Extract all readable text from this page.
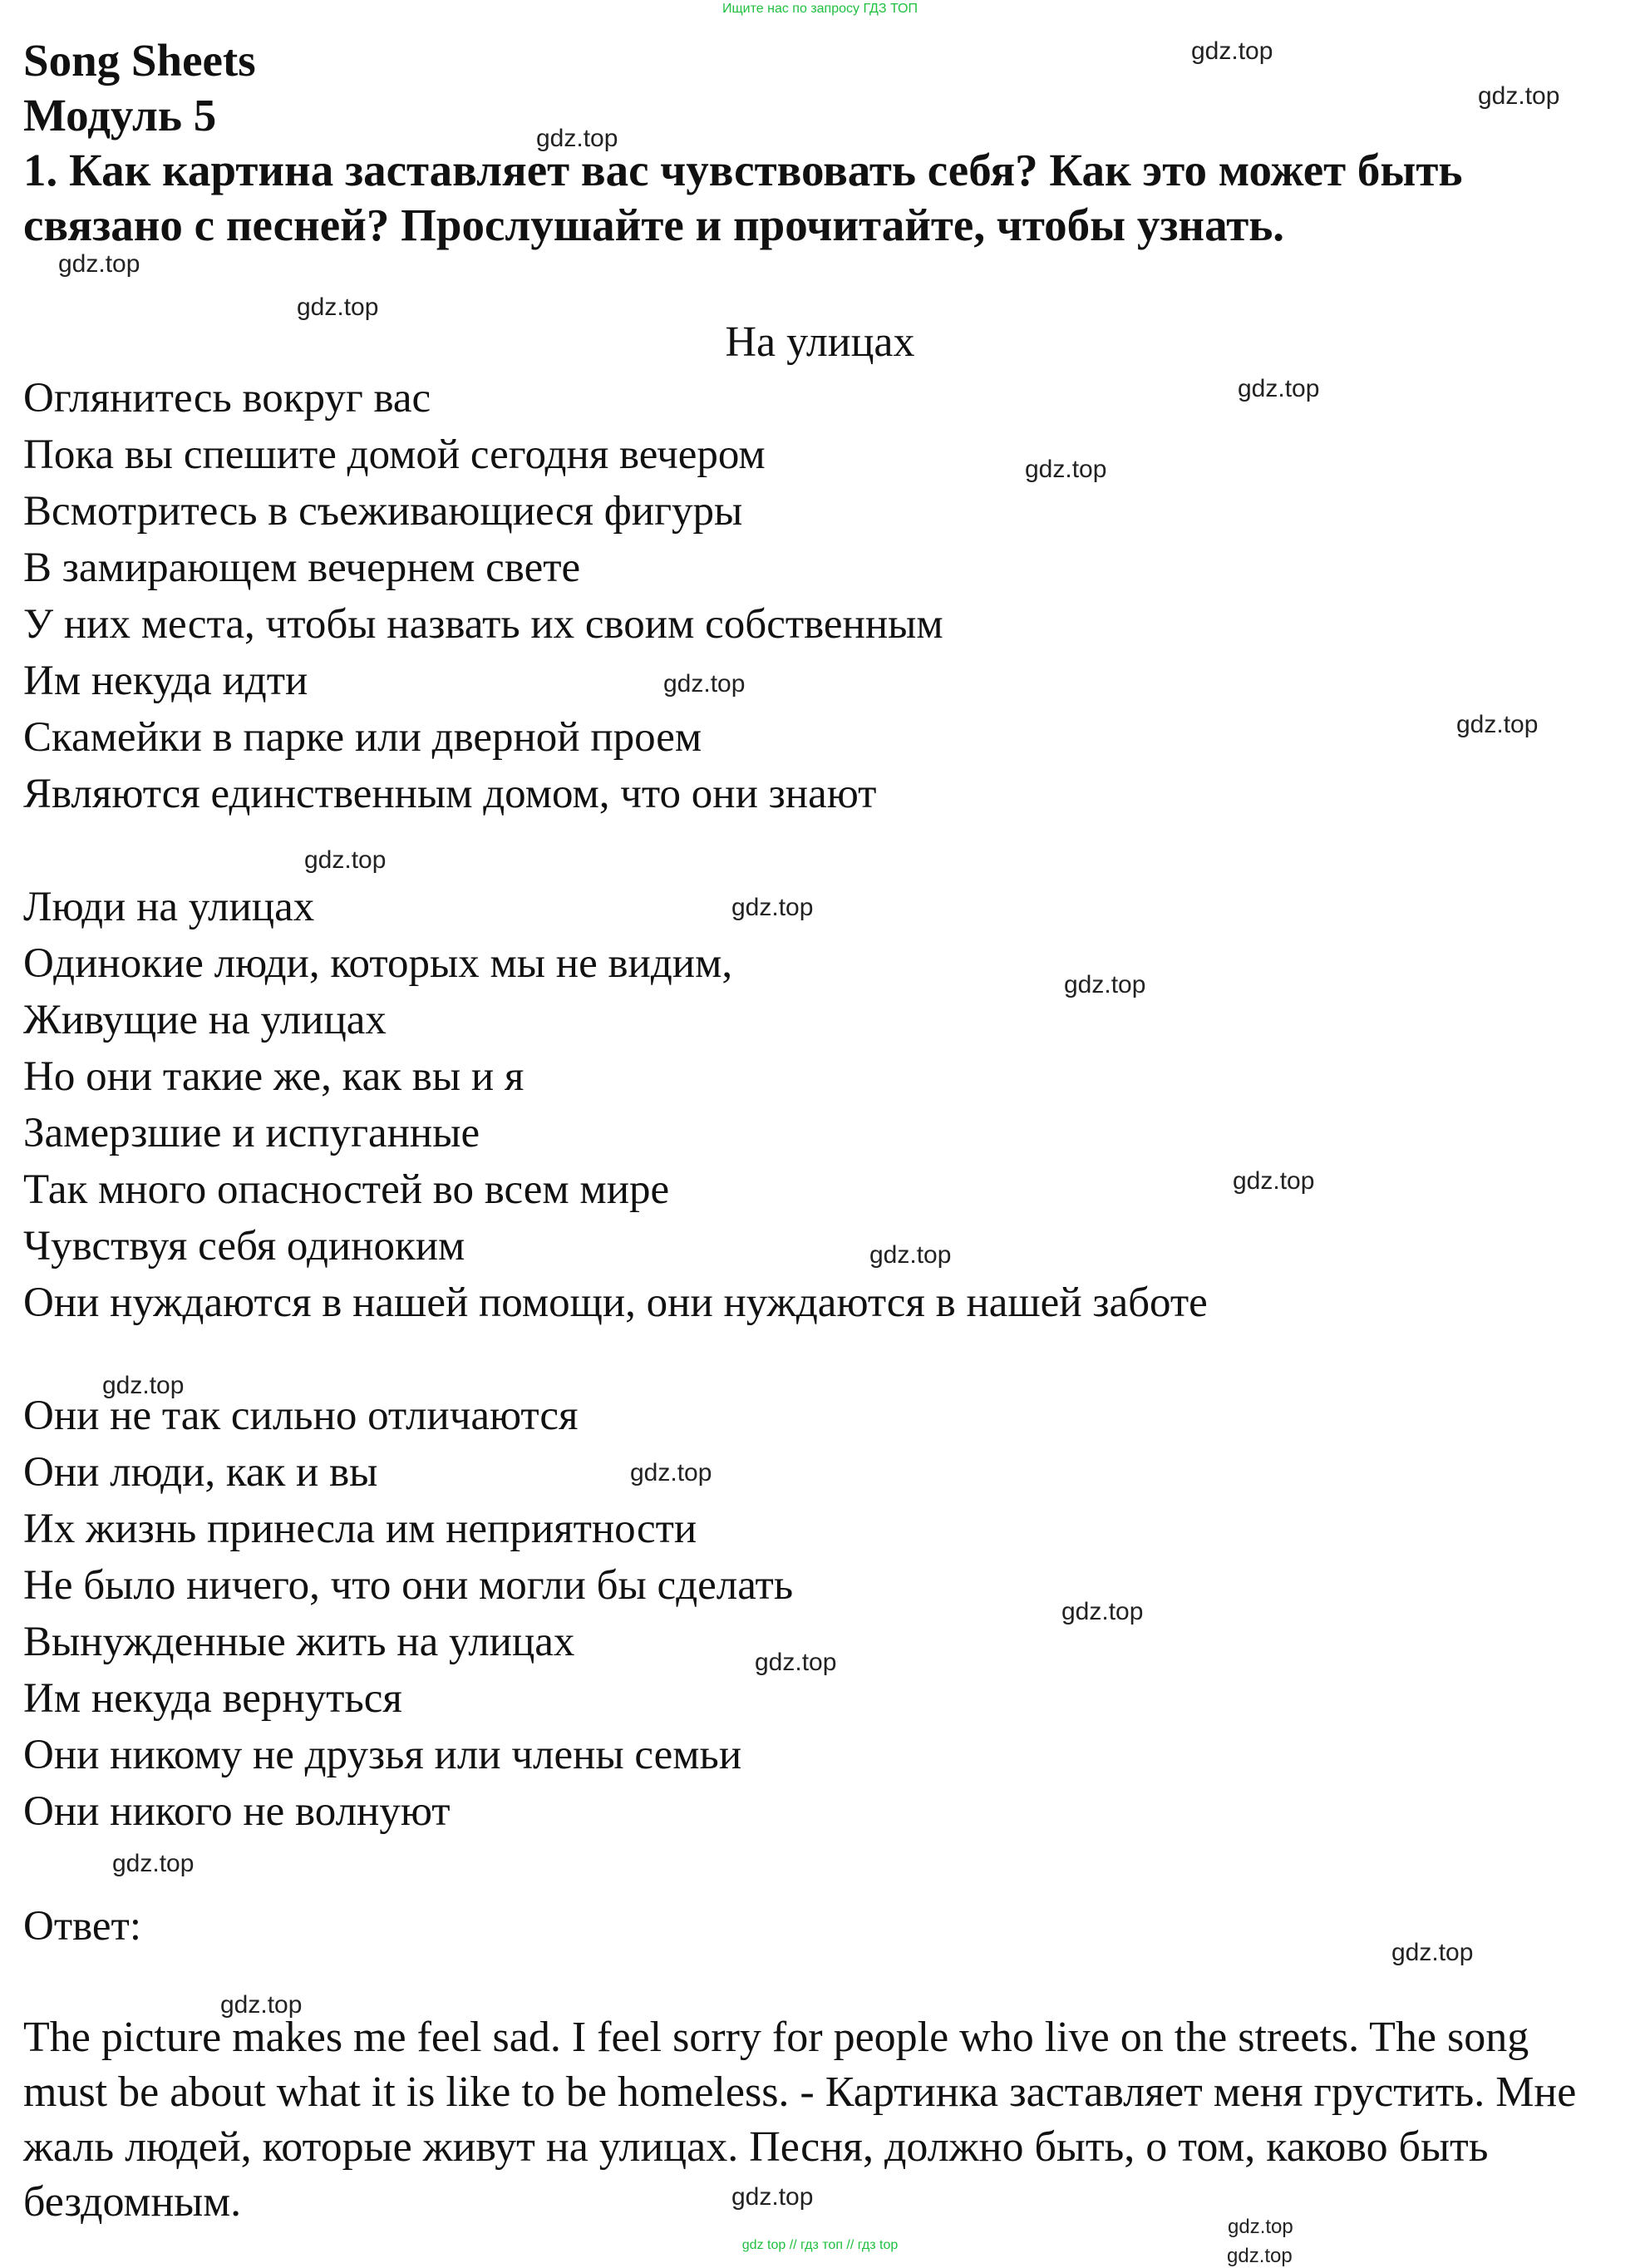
Ищите нас по запросу ГДЗ ТОП
Song Sheets
Модуль 5
1. Как картина заставляет вас чувствовать себя? Как это может быть связано с песней? Прослушайте и прочитайте, чтобы узнать.
На улицах
Оглянитесь вокруг вас
Пока вы спешите домой сегодня вечером
Всмотритесь в съеживающиеся фигуры
В замирающем вечернем свете
У них места, чтобы назвать их своим собственным
Им некуда идти
Скамейки в парке или дверной проем
Являются единственным домом, что они знают
Люди на улицах
Одинокие люди, которых мы не видим,
Живущие на улицах
Но они такие же, как вы и я
Замерзшие и испуганные
Так много опасностей во всем мире
Чувствуя себя одиноким
Они нуждаются в нашей помощи, они нуждаются в нашей заботе
Они не так сильно отличаются
Они люди, как и вы
Их жизнь принесла им неприятности
Не было ничего, что они могли бы сделать
Вынужденные жить на улицах
Им некуда вернуться
Они никому не друзья или члены семьи
Они никого не волнуют
Ответ:
The picture makes me feel sad. I feel sorry for people who live on the streets. The song must be about what it is like to be homeless. - Картинка заставляет меня грустить. Мне жаль людей, которые живут на улицах. Песня, должно быть, о том, каково быть бездомным.
gdz.top
gdz.top
gdz.top
gdz.top
gdz.top
gdz.top
gdz.top
gdz.top
gdz.top
gdz.top
gdz.top
gdz.top
gdz.top
gdz.top
gdz.top
gdz.top
gdz.top
gdz.top
gdz.top
gdz.top
gdz.top
gdz.top
gdz.top
gdz.top
gdz top // гдз топ // гдз top
